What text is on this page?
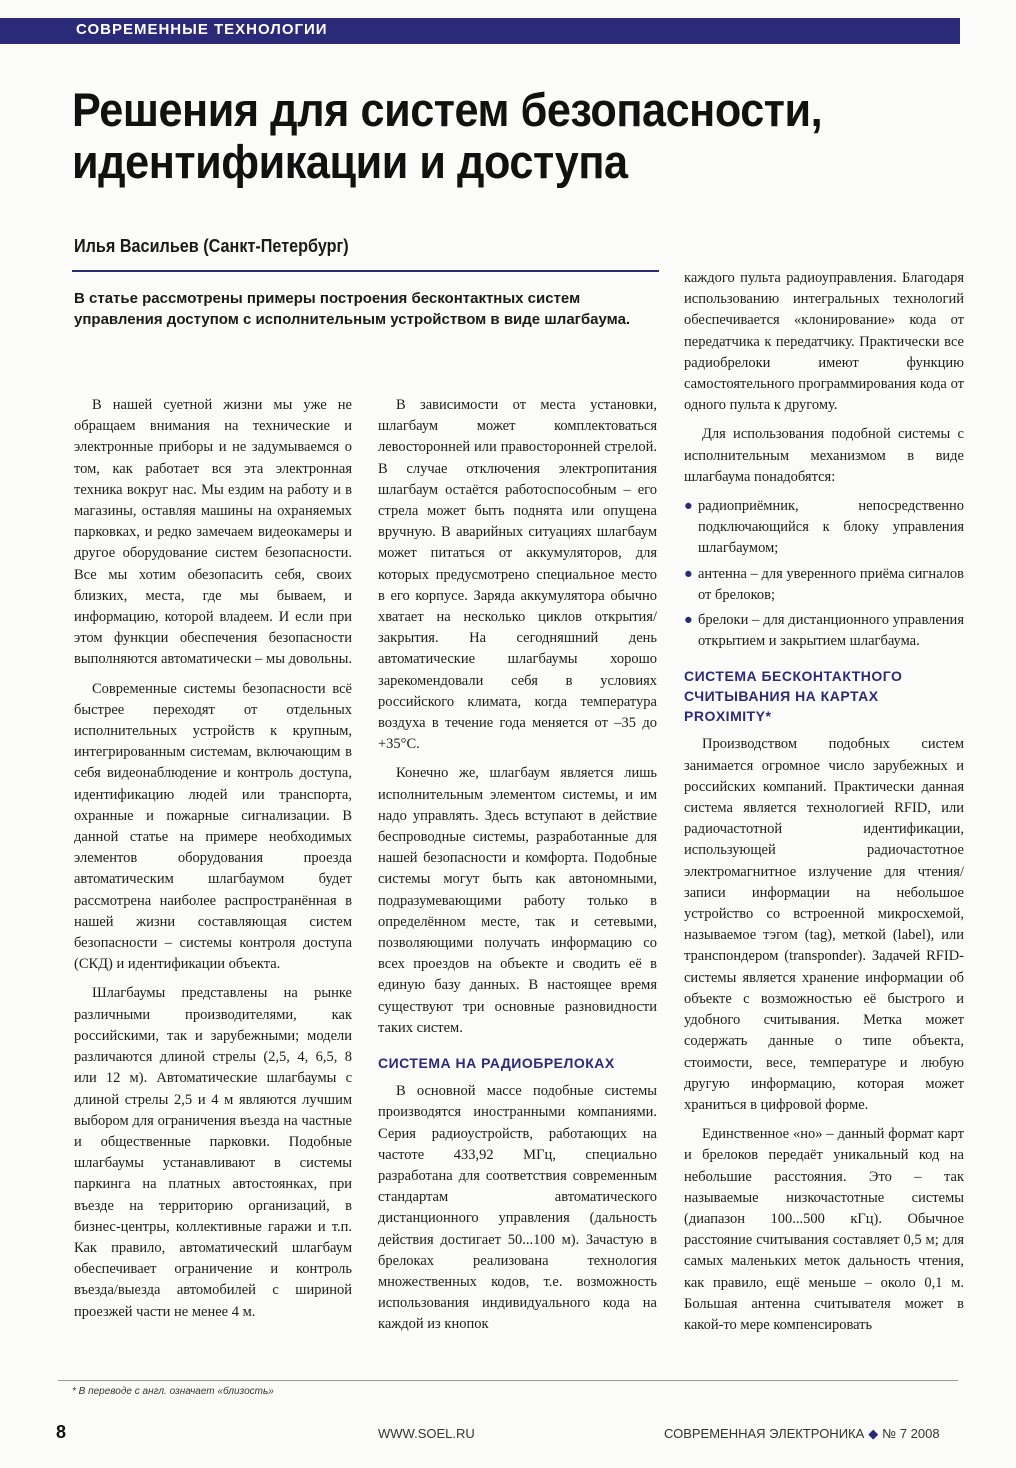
СОВРЕМЕННЫЕ ТЕХНОЛОГИИ
Решения для систем безопасности,
идентификации и доступа
Илья Васильев (Санкт-Петербург)
В статье рассмотрены примеры построения бесконтактных систем управления доступом с исполнительным устройством в виде шлагбаума.

В нашей суетной жизни мы уже не обращаем внимания на технические и электронные приборы и не задумываемся о том, как работает вся эта электронная техника вокруг нас. Мы ездим на работу и в магазины, оставляя машины на охраняемых парковках, и редко замечаем видеокамеры и другое оборудование систем безопасности. Все мы хотим обезопасить себя, своих близких, места, где мы бываем, и информацию, которой владеем. И если при этом функции обеспечения безопасности выполняются автоматически – мы довольны.

Современные системы безопасности всё быстрее переходят от отдельных исполнительных устройств к крупным, интегрированным системам, включающим в себя видеонаблюдение и контроль доступа, идентификацию людей или транспорта, охранные и пожарные сигнализации. В данной статье на примере необходимых элементов оборудования проезда автоматическим шлагбаумом будет рассмотрена наиболее распространённая в нашей жизни составляющая систем безопасности – системы контроля доступа (СКД) и идентификации объекта.

Шлагбаумы представлены на рынке различными производителями, как российскими, так и зарубежными; модели различаются длиной стрелы (2,5, 4, 6,5, 8 или 12 м). Автоматические шлагбаумы с длиной стрелы 2,5 и 4 м являются лучшим выбором для ограничения въезда на частные и общественные парковки. Подобные шлагбаумы устанавливают в системы паркинга на платных автостоянках, при въезде на территорию организаций, в бизнес-центры, коллективные гаражи и т.п. Как правило, автоматический шлагбаум обеспечивает ограничение и контроль въезда/выезда автомобилей с шириной проезжей части не менее 4 м.

В зависимости от места установки, шлагбаум может комплектоваться левосторонней или правосторонней стрелой. В случае отключения электропитания шлагбаум остаётся работоспособным – его стрела может быть поднята или опущена вручную. В аварийных ситуациях шлагбаум может питаться от аккумуляторов, для которых предусмотрено специальное место в его корпусе. Заряда аккумулятора обычно хватает на несколько циклов открытия/закрытия. На сегодняшний день автоматические шлагбаумы хорошо зарекомендовали себя в условиях российского климата, когда температура воздуха в течение года меняется от –35 до +35°С.

Конечно же, шлагбаум является лишь исполнительным элементом системы, и им надо управлять. Здесь вступают в действие беспроводные системы, разработанные для нашей безопасности и комфорта. Подобные системы могут быть как автономными, подразумевающими работу только в определённом месте, так и сетевыми, позволяющими получать информацию со всех проездов на объекте и сводить её в единую базу данных. В настоящее время существуют три основные разновидности таких систем.

СИСТЕМА НА РАДИОБРЕЛОКАХ

В основной массе подобные системы производятся иностранными компаниями. Серия радиоустройств, работающих на частоте 433,92 МГц, специально разработана для соответствия современным стандартам автоматического дистанционного управления (дальность действия достигает 50...100 м). Зачастую в брелоках реализована технология множественных кодов, т.е. возможность использования индивидуального кода на каждой из кнопок

каждого пульта радиоуправления. Благодаря использованию интегральных технологий обеспечивается «клонирование» кода от передатчика к передатчику. Практически все радиобрелоки имеют функцию самостоятельного программирования кода от одного пульта к другому.

Для использования подобной системы с исполнительным механизмом в виде шлагбаума понадобятся:

● радиоприёмник, непосредственно подключающийся к блоку управления шлагбаумом;
● антенна – для уверенного приёма сигналов от брелоков;
● брелоки – для дистанционного управления открытием и закрытием шлагбаума.
СИСТЕМА БЕСКОНТАКТНОГО СЧИТЫВАНИЯ НА КАРТАХ PROXIMITY*

Производством подобных систем занимается огромное число зарубежных и российских компаний. Практически данная система является технологией RFID, или радиочастотной идентификации, использующей радиочастотное электромагнитное излучение для чтения/записи информации на небольшое устройство со встроенной микросхемой, называемое тэгом (tag), меткой (label), или транспондером (transponder). Задачей RFID-системы является хранение информации об объекте с возможностью её быстрого и удобного считывания. Метка может содержать данные о типе объекта, стоимости, весе, температуре и любую другую информацию, которая может храниться в цифровой форме.

Единственное «но» – данный формат карт и брелоков передаёт уникальный код на небольшие расстояния. Это – так называемые низкочастотные системы (диапазон 100...500 кГц). Обычное расстояние считывания составляет 0,5 м; для самых маленьких меток дальность чтения, как правило, ещё меньше – около 0,1 м. Большая антенна считывателя может в какой-то мере компенсировать

* В переводе с англ. означает «близость»
8	WWW.SOEL.RU	СОВРЕМЕННАЯ ЭЛЕКТРОНИКА ◆ № 7 2008
